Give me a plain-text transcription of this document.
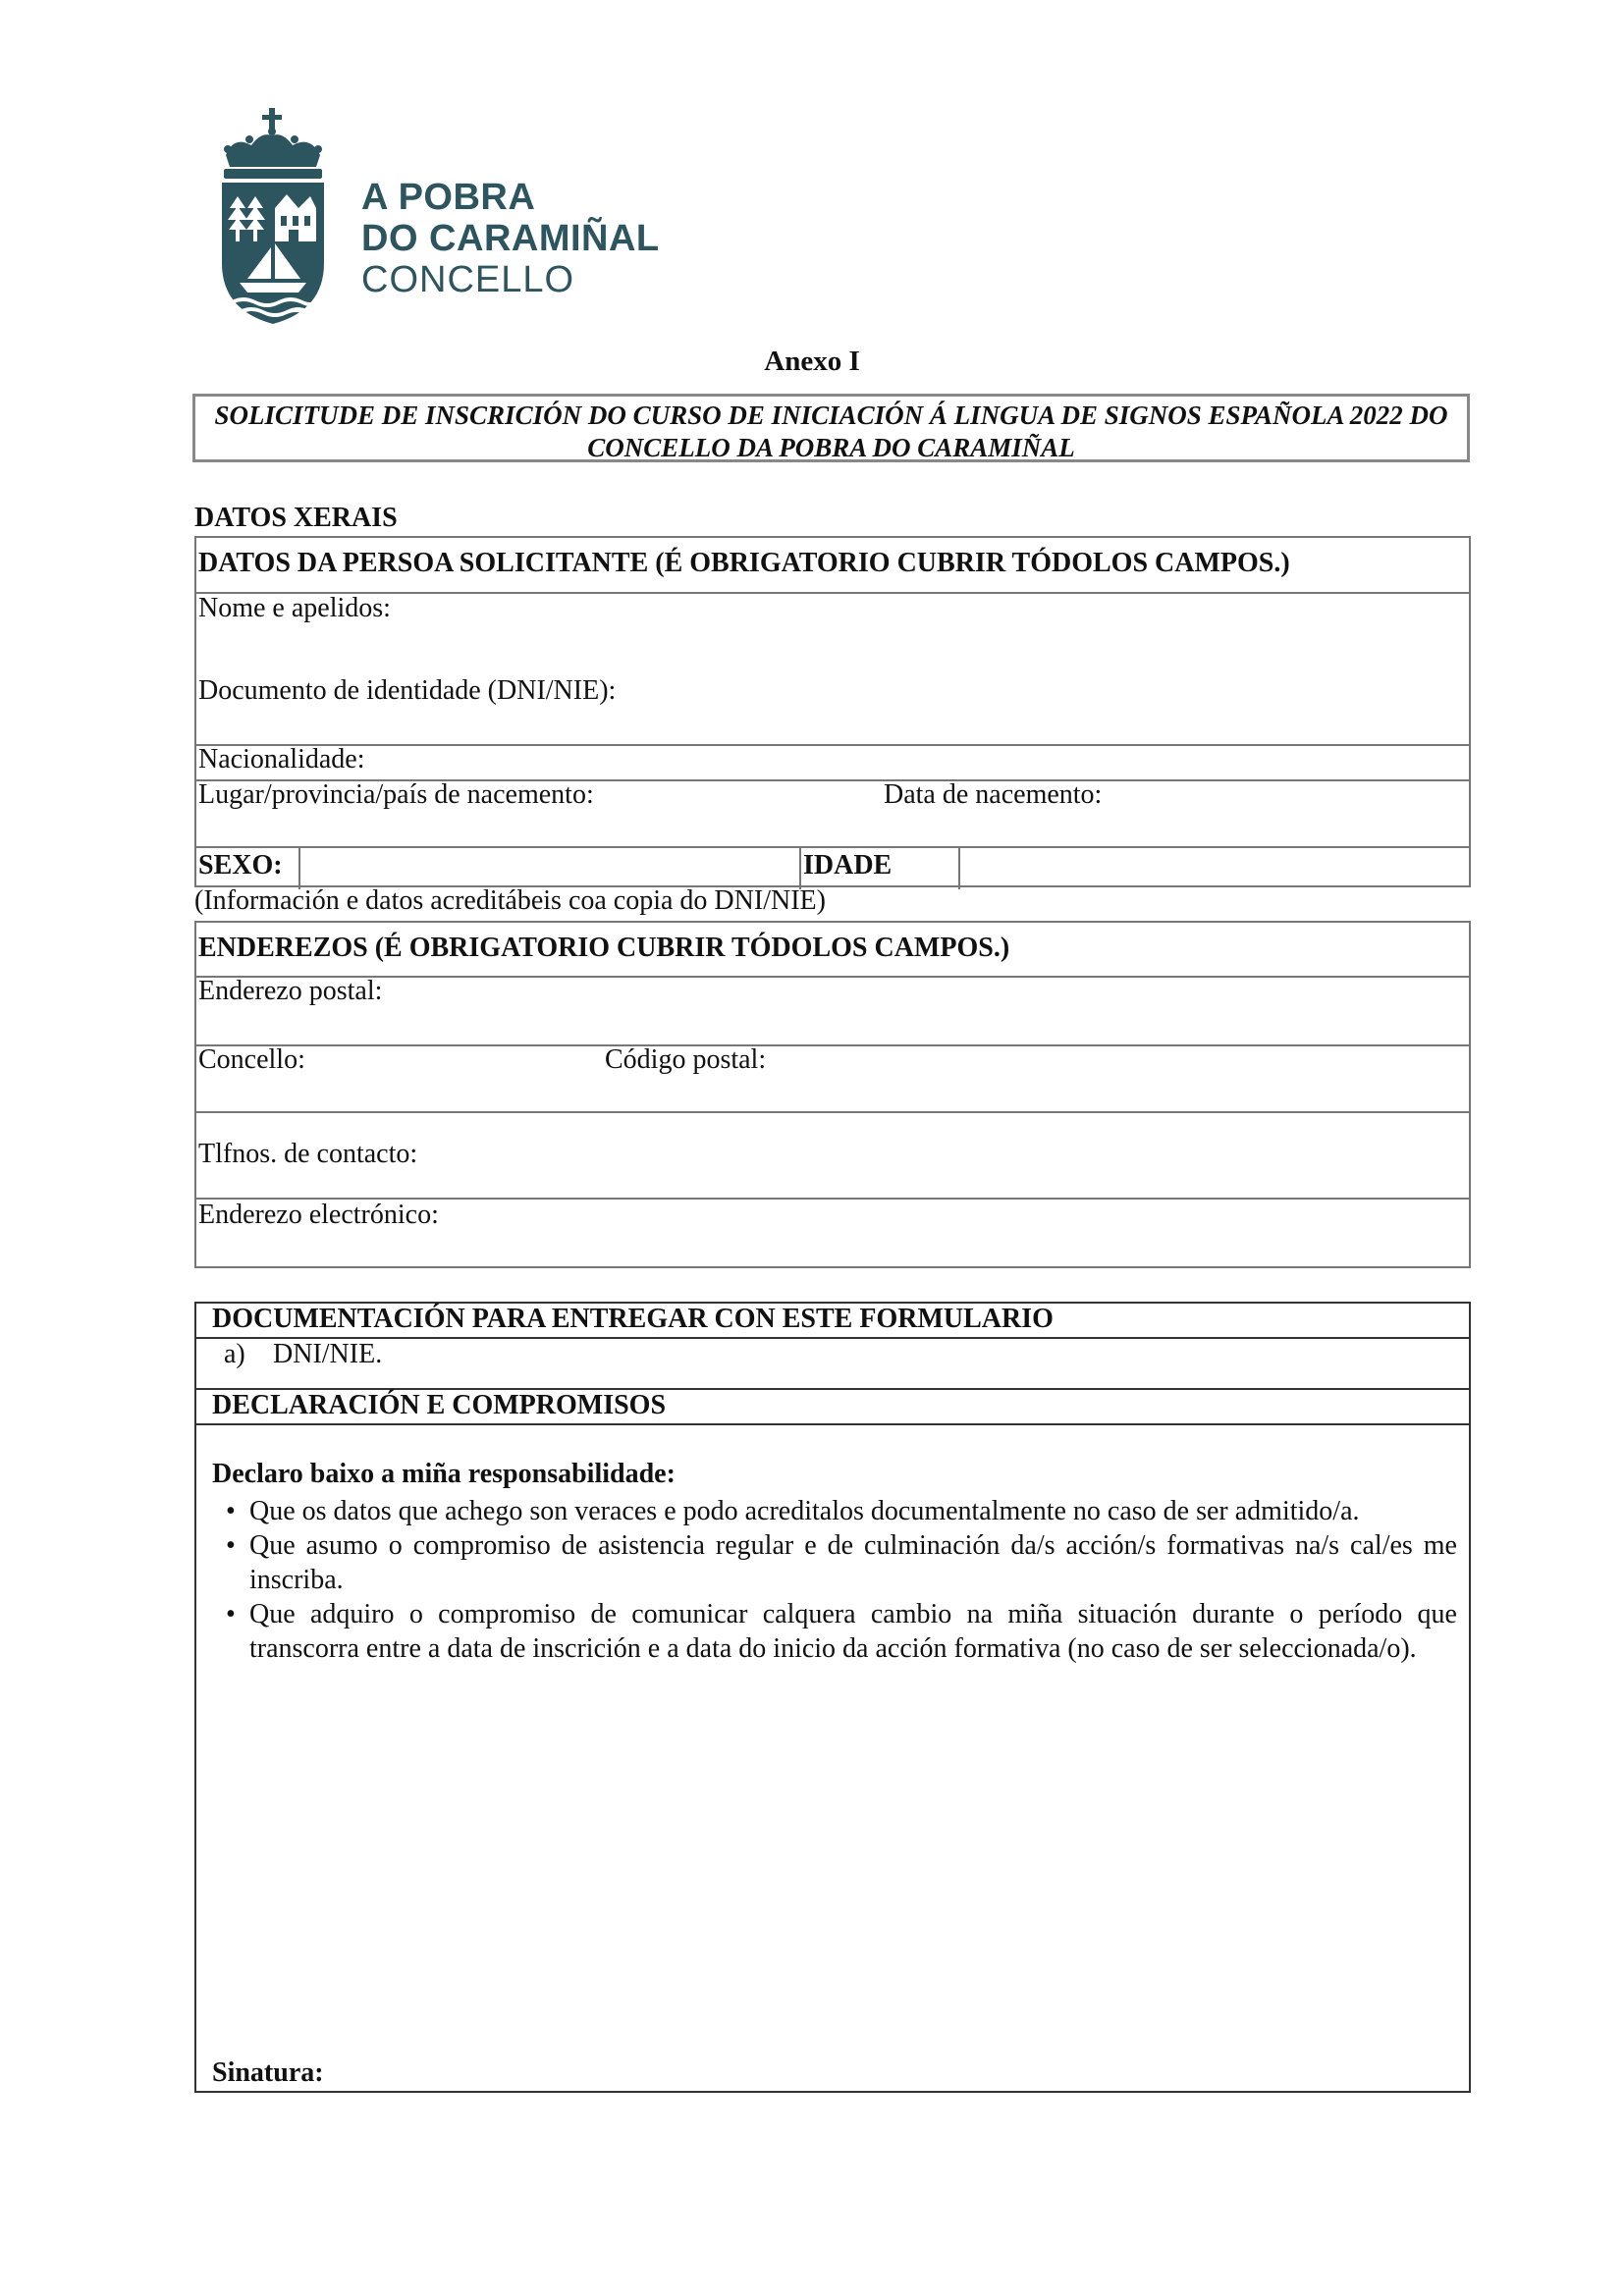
A POBRA
DO CARAMIÑAL
CONCELLO
Anexo I
SOLICITUDE DE INSCRICIÓN DO CURSO DE INICIACIÓN Á LINGUA DE SIGNOS ESPAÑOLA 2022 DO CONCELLO DA POBRA DO CARAMIÑAL
DATOS XERAIS
DATOS DA PERSOA SOLICITANTE (É OBRIGATORIO CUBRIR TÓDOLOS CAMPOS.)
Nome e apelidos:
Documento de identidade (DNI/NIE):
Nacionalidade:
Lugar/provincia/país de nacemento:	Data de nacemento:
SEXO:	IDADE
(Información e datos acreditábeis coa copia do DNI/NIE)
ENDEREZOS (É OBRIGATORIO CUBRIR TÓDOLOS CAMPOS.)
Enderezo postal:
Concello:	Código postal:
Tlfnos. de contacto:
Enderezo electrónico:
DOCUMENTACIÓN PARA ENTREGAR CON ESTE FORMULARIO
a) DNI/NIE.
DECLARACIÓN E COMPROMISOS
Declaro baixo a miña responsabilidade:
• Que os datos que achego son veraces e podo acreditalos documentalmente no caso de ser admitido/a.
• Que asumo o compromiso de asistencia regular e de culminación da/s acción/s formativas na/s cal/es me inscriba.
• Que adquiro o compromiso de comunicar calquera cambio na miña situación durante o período que transcorra entre a data de inscrición e a data do inicio da acción formativa (no caso de ser seleccionada/o).
Sinatura:
